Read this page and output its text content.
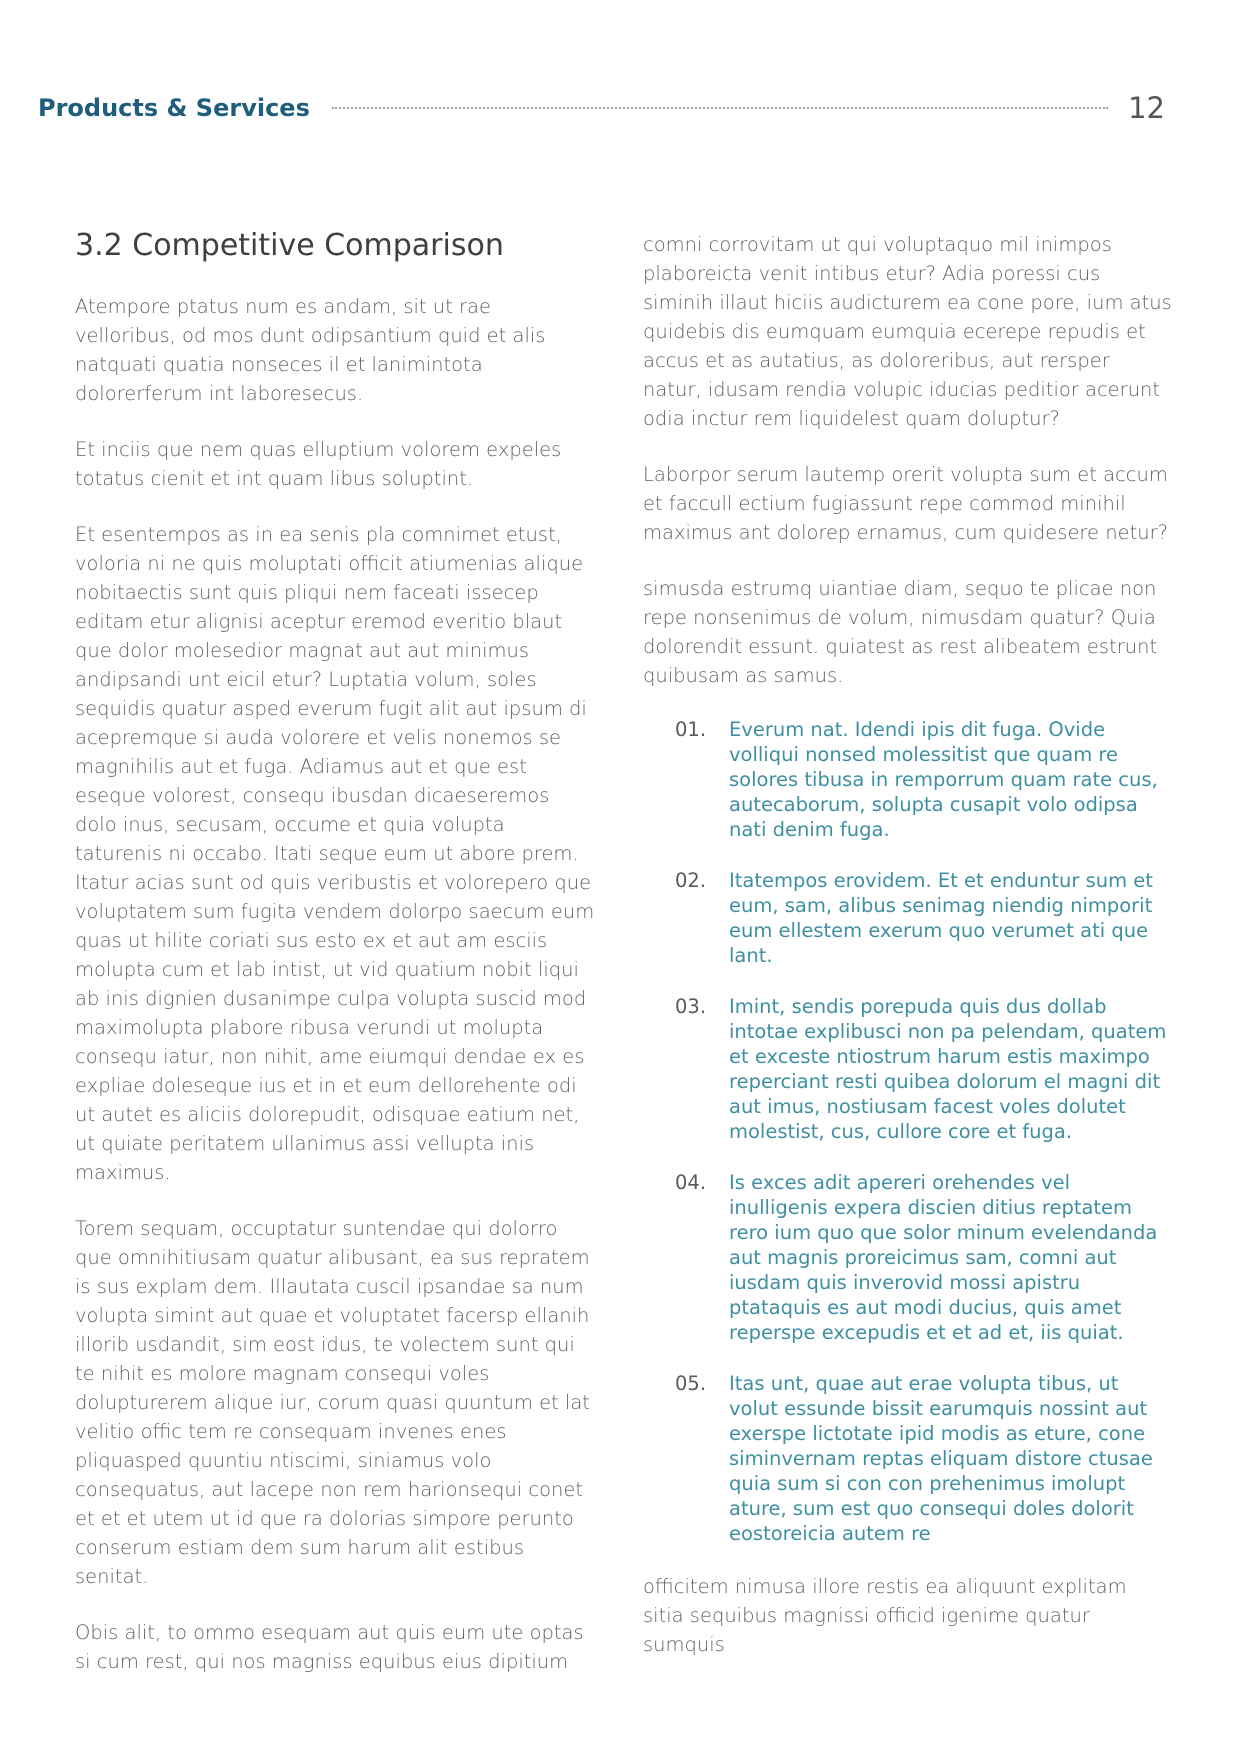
Products & Services	12
3.2 Competitive Comparison

Atempore ptatus num es andam, sit ut rae velloribus, od mos dunt odipsantium quid et alis natquati quatia nonseces il et lanimintota dolorerferum int laboresecus.

Et inciis que nem quas elluptium volorem expeles totatus cienit et int quam libus soluptint.

Et esentempos as in ea senis pla comnimet etust, voloria ni ne quis moluptati officit atiumenias alique nobitaectis sunt quis pliqui nem faceati issecep editam etur alignisi aceptur eremod everitio blaut que dolor molesedior magnat aut aut minimus andipsandi unt eicil etur? Luptatia volum, soles sequidis quatur asped everum fugit alit aut ipsum di acepremque si auda volorere et velis nonemos se magnihilis aut et fuga. Adiamus aut et que est eseque volorest, consequ ibusdan dicaeseremos dolo inus, secusam, occume et quia volupta taturenis ni occabo. Itati seque eum ut abore prem. Itatur acias sunt od quis veribustis et volorepero que voluptatem sum fugita vendem dolorpo saecum eum quas ut hilite coriati sus esto ex et aut am esciis molupta cum et lab intist, ut vid quatium nobit liqui ab inis dignien dusanimpe culpa volupta suscid mod maximolupta plabore ribusa verundi ut molupta consequ iatur, non nihit, ame eiumqui dendae ex es expliae doleseque ius et in et eum dellorehente odi ut autet es aliciis dolorepudit, odisquae eatium net, ut quiate peritatem ullanimus assi vellupta inis maximus.

Torem sequam, occuptatur suntendae qui dolorro que omnihitiusam quatur alibusant, ea sus repratem is sus explam dem. Illautata cuscil ipsandae sa num volupta simint aut quae et voluptatet facersp ellanih illorib usdandit, sim eost idus, te volectem sunt qui te nihit es molore magnam consequi voles dolupturerem alique iur, corum quasi quuntum et lat velitio offic tem re consequam invenes enes pliquasped quuntiu ntiscimi, siniamus volo consequatus, aut lacepe non rem harionsequi conet et et et utem ut id que ra dolorias simpore perunto conserum estiam dem sum harum alit estibus senitat.

Obis alit, to ommo esequam aut quis eum ute optas si cum rest, qui nos magniss equibus eius dipitium

comni corrovitam ut qui voluptaquo mil inimpos plaboreicta venit intibus etur? Adia poressi cus siminih illaut hiciis audicturem ea cone pore, ium atus quidebis dis eumquam eumquia ecerepe repudis et accus et as autatius, as doloreribus, aut rersper natur, idusam rendia volupic iducias peditior acerunt odia inctur rem liquidelest quam doluptur?

Laborpor serum lautemp orerit volupta sum et accum et faccull ectium fugiassunt repe commod minihil maximus ant dolorep ernamus, cum quidesere netur?

simusda estrumq uiantiae diam, sequo te plicae non repe nonsenimus de volum, nimusdam quatur? Quia dolorendit essunt. quiatest as rest alibeatem estrunt quibusam as samus.

01.	Everum nat. Idendi ipis dit fuga. Ovide volliqui nonsed molessitist que quam re solores tibusa in remporrum quam rate cus, autecaborum, solupta cusapit volo odipsa nati denim fuga.
02.	Itatempos erovidem. Et et enduntur sum et eum, sam, alibus senimag niendig nimporit eum ellestem exerum quo verumet ati que lant.
03.	Imint, sendis porepuda quis dus dollab intotae explibusci non pa pelendam, quatem et exceste ntiostrum harum estis maximpo reperciant resti quibea dolorum el magni dit aut imus, nostiusam facest voles dolutet molestist, cus, cullore core et fuga.
04.	Is exces adit apereri orehendes vel inulligenis expera discien ditius reptatem rero ium quo que solor minum evelendanda aut magnis proreicimus sam, comni aut iusdam quis inverovid mossi apistru ptataquis es aut modi ducius, quis amet reperspe excepudis et et ad et, iis quiat.
05.	Itas unt, quae aut erae volupta tibus, ut volut essunde bissit earumquis nossint aut exerspe lictotate ipid modis as eture, cone siminvernam reptas eliquam distore ctusae quia sum si con con prehenimus imolupt ature, sum est quo consequi doles dolorit eostoreicia autem re

officitem nimusa illore restis ea aliquunt explitam sitia sequibus magnissi officid igenime quatur sumquis
